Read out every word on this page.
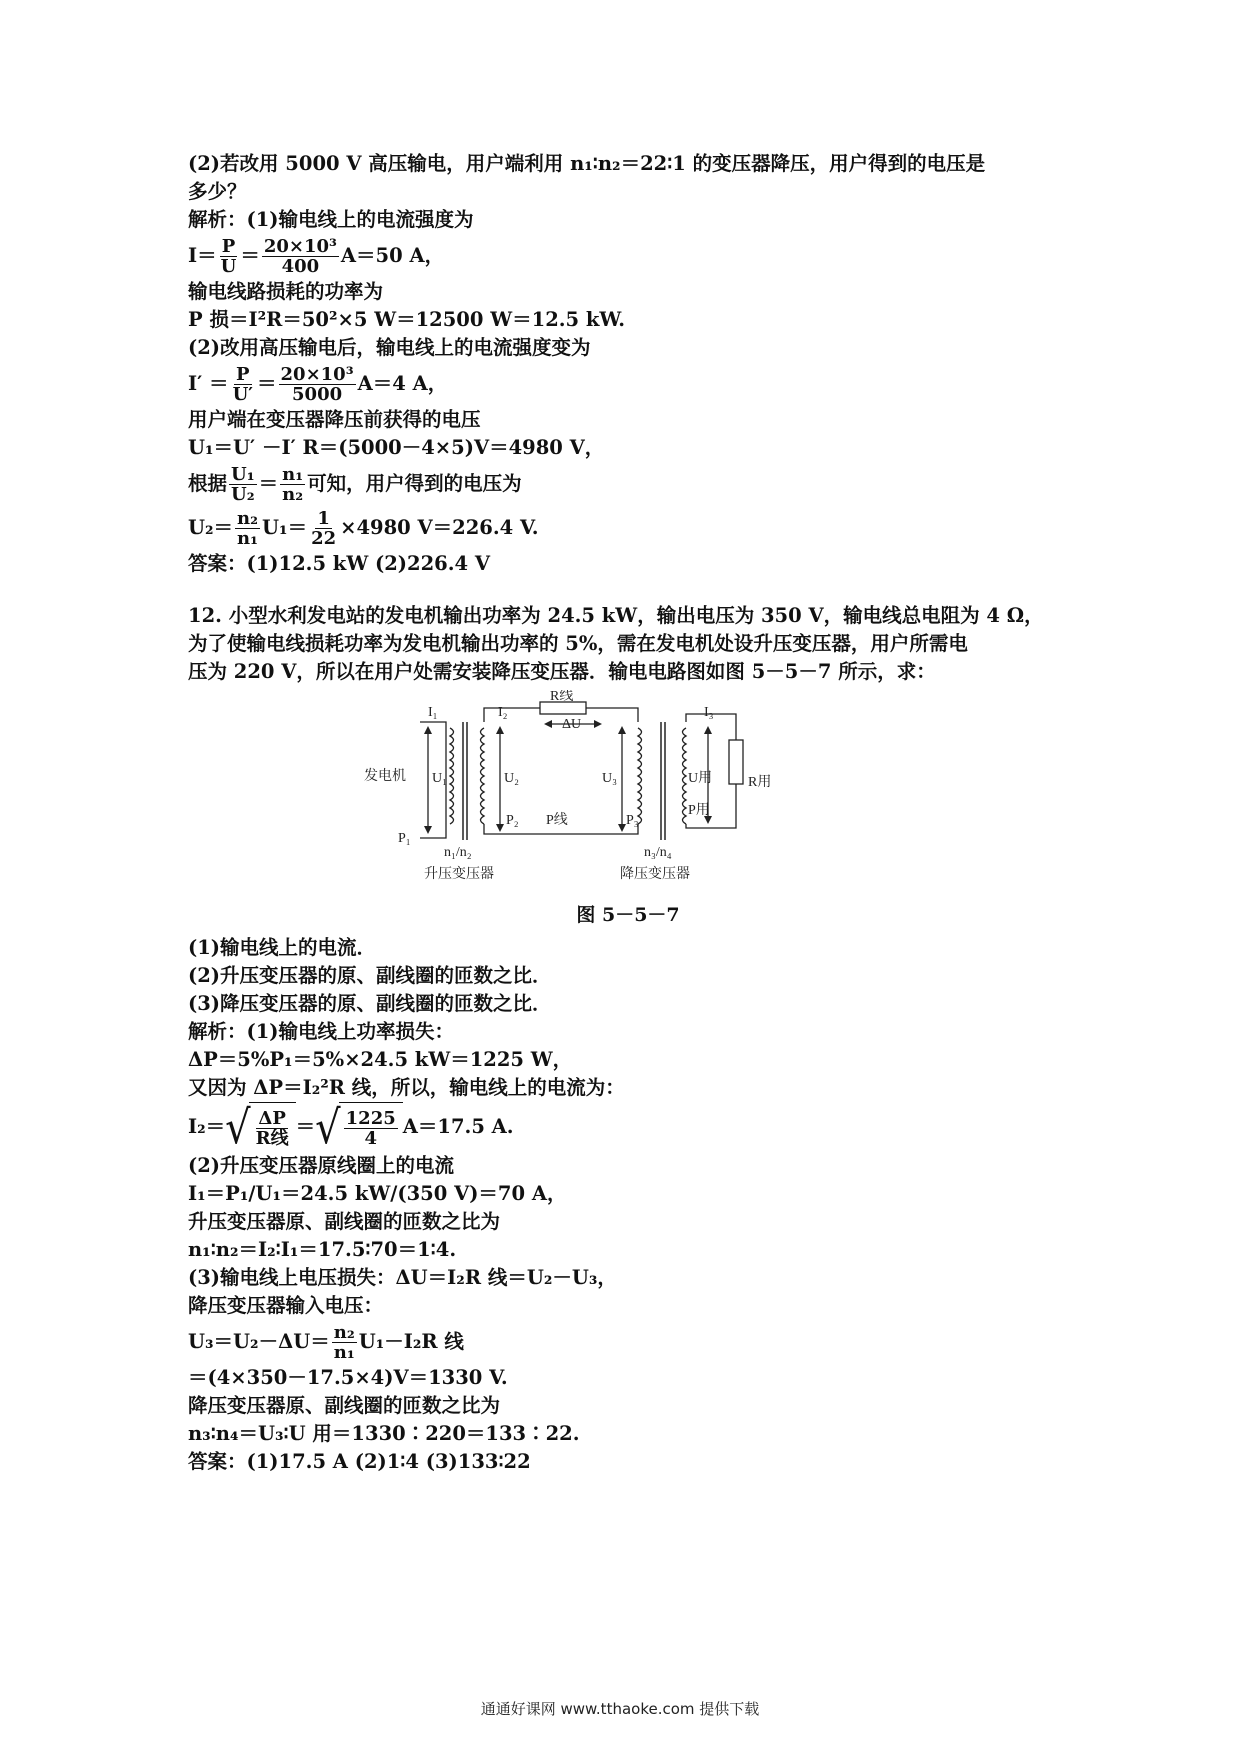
(2)若改用 5000 V 高压输电，用户端利用 n₁∶n₂＝22∶1 的变压器降压，用户得到的电压是
多少？
解析：(1)输电线上的电流强度为
$I= \frac{P}{U} = \frac{\text{20×10³}}{400} A=50$ A，
输电线路损耗的功率为
P 损＝I²R＝50²×5 W＝12500 W＝12.5 kW.
(2)改用高压输电后，输电线上的电流强度变为
$I' = \frac{P}{U'} = \frac{\text{20×10³}}{5000} A=4$ A，
用户端在变压器降压前获得的电压
U₁＝U′ －I′ R＝(5000－4×5)V＝4980 V，
根据 $\frac{\text{U₁}}{\text{U₂}} = \frac{\text{n₁}}{\text{n₂}}$ 可知，用户得到的电压为
$U_2= \frac{\text{n₂}}{\text{n₁}} U_1= \frac{1}{22} \times 4980$ V＝226.4 V.
答案：(1)12.5 kW (2)226.4 V
12. 小型水利发电站的发电机输出功率为 24.5 kW，输出电压为 350 V，输电线总电阻为 4 Ω，
为了使输电线损耗功率为发电机输出功率的 5%，需在发电机处设升压变压器，用户所需电
压为 220 V，所以在用户处需安装降压变压器．输电电路图如图 5－5－7 所示，求：
I₁	I₂	I₃
R线
ΔU
发电机 U₁	U₂	U₃	U用	R用
P₁
P₂ P线	P₃
P用
n₁/n₂	n₃/n₄
升压变压器	降压变压器
图 5－5－7
(1)输电线上的电流．
(2)升压变压器的原、副线圈的匝数之比．
(3)降压变压器的原、副线圈的匝数之比．
解析：(1)输电线上功率损失：
ΔP＝5%P₁＝5%×24.5 kW＝1225 W，
又因为 ΔP＝I₂²R 线，所以，输电线上的电流为：
I₂＝ √ $\frac{\Delta P}{\text{R线}}$ ＝ √ $\frac{1225}{4} A=17.5$ A.
(2)升压变压器原线圈上的电流
I₁＝P₁/U₁＝24.5 kW/(350 V)＝70 A，
升压变压器原、副线圈的匝数之比为
n₁∶n₂＝I₂∶I₁＝17.5∶70＝1∶4.
(3)输电线上电压损失：ΔU＝I₂R 线＝U₂－U₃，
降压变压器输入电压：
$U_3=U_2-\Delta U= \frac{\text{n₂}}{\text{n₁}} U_1-I_2R$ 线
＝(4×350－17.5×4)V＝1330 V.
降压变压器原、副线圈的匝数之比为
n₃∶n₄＝U₃∶U 用＝1330∶220＝133∶22.
答案：(1)17.5 A (2)1∶4 (3)133∶22
通通好课网 www.tthaoke.com 提供下载
